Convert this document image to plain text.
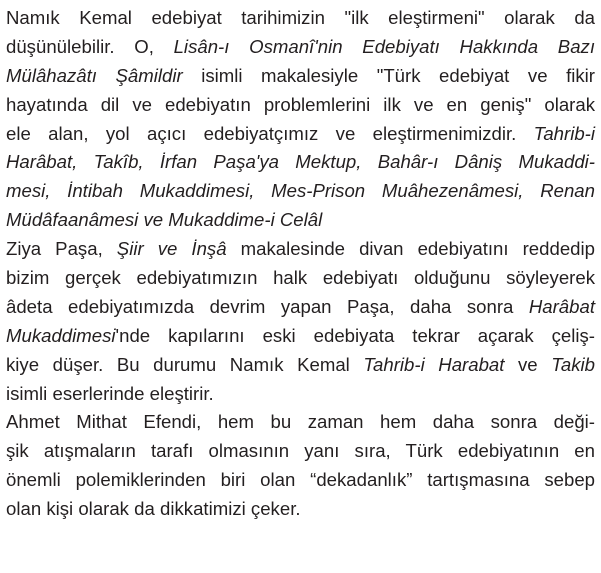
Namık Kemal edebiyat tarihimizin "ilk eleştirmeni" olarak da
düşünülebilir. O, Lisân-ı Osmanî'nin Edebiyatı Hakkında Bazı
Mülâhazâtı Şâmildir isimli makalesiyle "Türk edebiyat ve fikir
hayatında dil ve edebiyatın problemlerini ilk ve en geniş" olarak
ele alan, yol açıcı edebiyatçımız ve eleştirmenimizdir. Tahrib-i
Harâbat, Takîb, İrfan Paşa'ya Mektup, Bahâr-ı Dâniş Mukaddi-
mesi, İntibah Mukaddimesi, Mes-Prison Muâhezenâmesi, Renan
Müdâfaanâmesi ve Mukaddime-i Celâl
Ziya Paşa, Şiir ve İnşâ makalesinde divan edebiyatını reddedip
bizim gerçek edebiyatımızın halk edebiyatı olduğunu söyleyerek
âdeta edebiyatımızda devrim yapan Paşa, daha sonra Harâbat
Mukaddimesi'nde kapılarını eski edebiyata tekrar açarak çeliş-
kiye düşer. Bu durumu Namık Kemal Tahrib-i Harabat ve Takib
isimli eserlerinde eleştirir.
Ahmet Mithat Efendi, hem bu zaman hem daha sonra deği-
şik atışmaların tarafı olmasının yanı sıra, Türk edebiyatının en
önemli polemiklerinden biri olan “dekadanlık” tartışmasına sebep
olan kişi olarak da dikkatimizi çeker.
